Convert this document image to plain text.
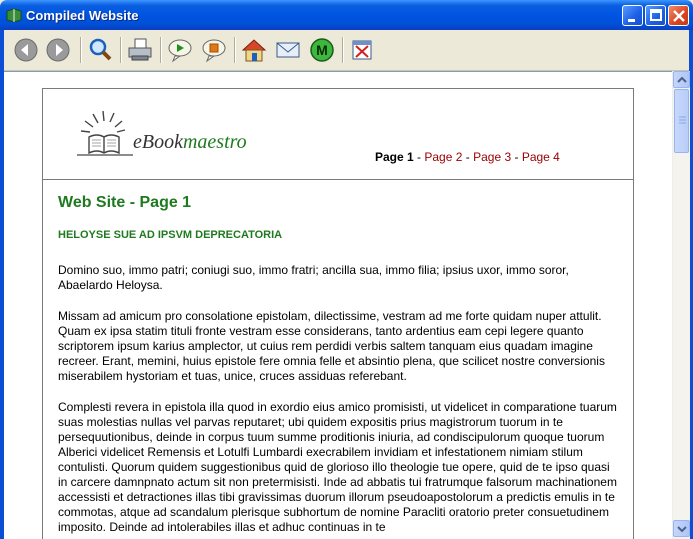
Compiled Website
M
eBookmaestro
Page 1 - Page 2 - Page 3 - Page 4
Web Site - Page 1
HELOYSE SUE AD IPSVM DEPRECATORIA

Domino suo, immo patri; coniugi suo, immo fratri; ancilla sua, immo filia; ipsius uxor, immo soror, Abaelardo Heloysa.

Missam ad amicum pro consolatione epistolam, dilectissime, vestram ad me forte quidam nuper attulit. Quam ex ipsa statim tituli fronte vestram esse considerans, tanto ardentius eam cepi legere quanto scriptorem ipsum karius amplector, ut cuius rem perdidi verbis saltem tanquam eius quadam imagine recreer. Erant, memini, huius epistole fere omnia felle et absintio plena, que scilicet nostre conversionis miserabilem hystoriam et tuas, unice, cruces assiduas referebant.

Complesti revera in epistola illa quod in exordio eius amico promisisti, ut videlicet in comparatione tuarum suas molestias nullas vel parvas reputaret; ubi quidem expositis prius magistrorum tuorum in te persequutionibus, deinde in corpus tuum summe proditionis iniuria, ad condiscipulorum quoque tuorum Alberici videlicet Remensis et Lotulfi Lumbardi execrabilem invidiam et infestationem nimiam stilum contulisti. Quorum quidem suggestionibus quid de glorioso illo theologie tue opere, quid de te ipso quasi in carcere damnpnato actum sit non pretermisisti. Inde ad abbatis tui fratrumque falsorum machinationem accessisti et detractiones illas tibi gravissimas duorum illorum pseudoapostolorum a predictis emulis in te commotas, atque ad scandalum plerisque subhortum de nomine Paracliti oratorio preter consuetudinem imposito. Deinde ad intolerabiles illas et adhuc continuas in te
